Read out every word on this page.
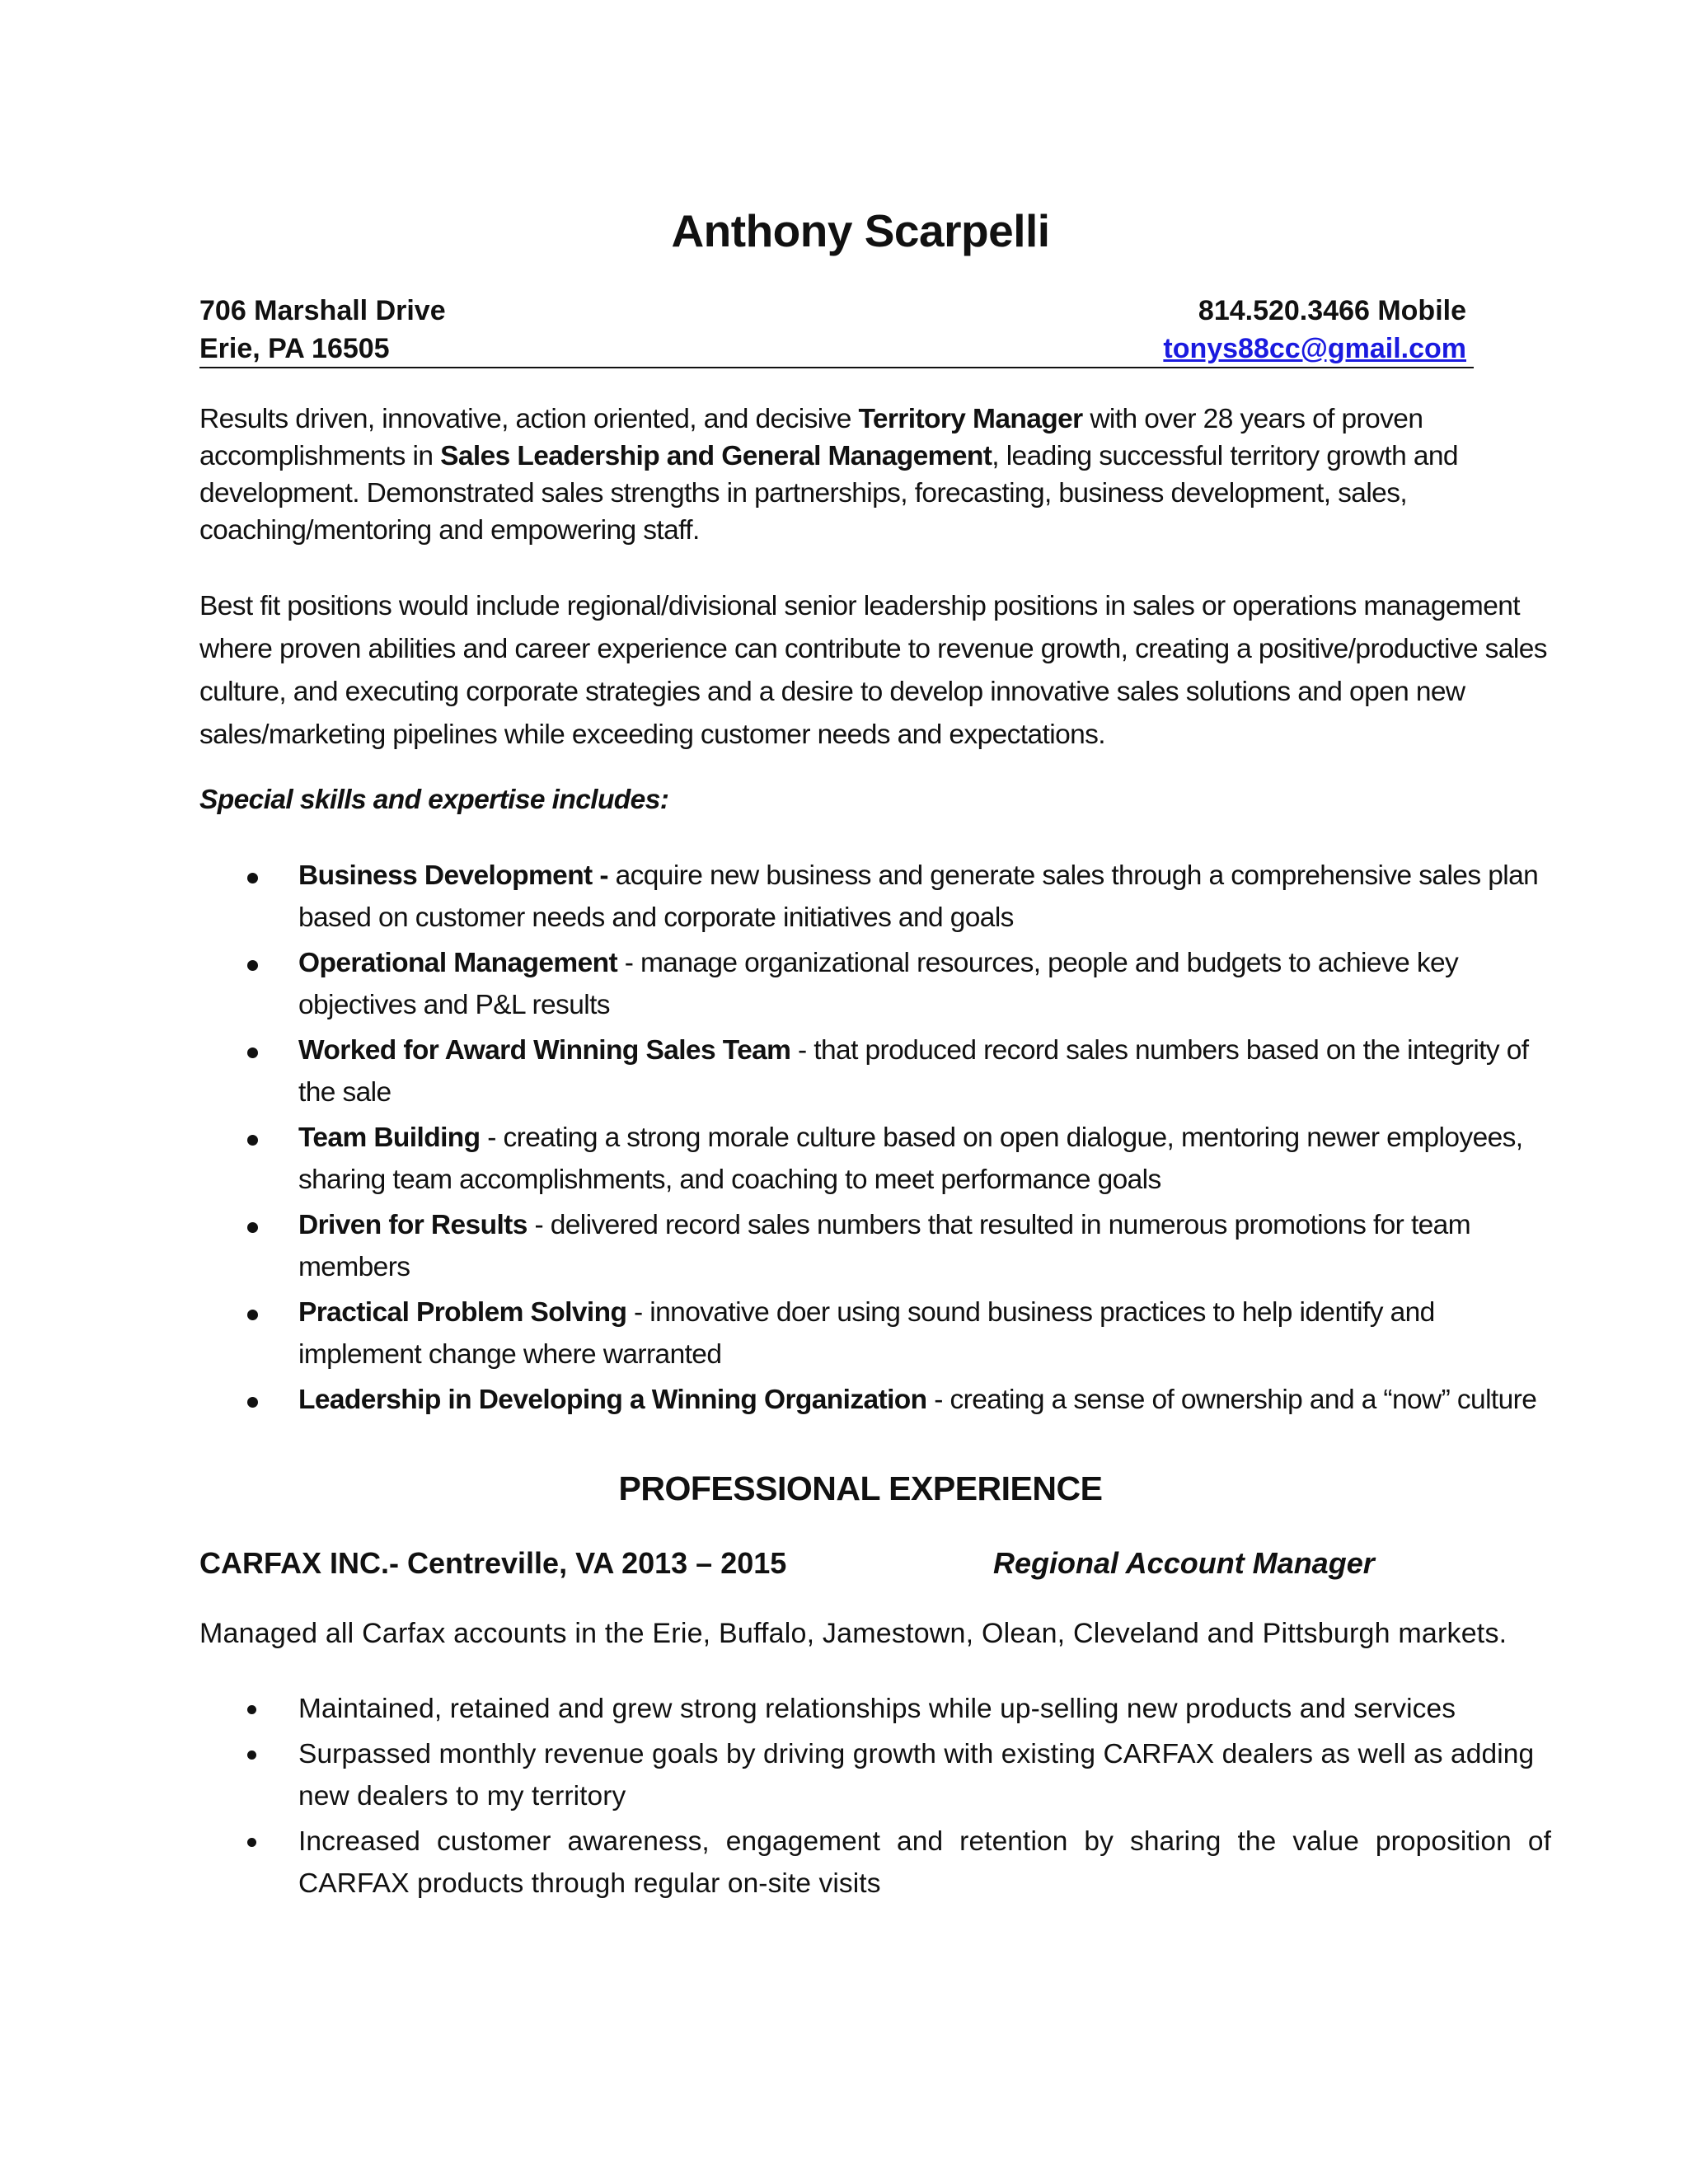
Anthony Scarpelli
706 Marshall Drive	814.520.3466 Mobile
Erie, PA 16505	tonys88cc@gmail.com
Results driven, innovative, action oriented, and decisive Territory Manager with over 28 years of proven accomplishments in Sales Leadership and General Management, leading successful territory growth and development. Demonstrated sales strengths in partnerships, forecasting, business development, sales, coaching/mentoring and empowering staff.
Best fit positions would include regional/divisional senior leadership positions in sales or operations management where proven abilities and career experience can contribute to revenue growth, creating a positive/productive sales culture, and executing corporate strategies and a desire to develop innovative sales solutions and open new sales/marketing pipelines while exceeding customer needs and expectations.
Special skills and expertise includes:
Business Development - acquire new business and generate sales through a comprehensive sales plan based on customer needs and corporate initiatives and goals
Operational Management - manage organizational resources, people and budgets to achieve key objectives and P&L results
Worked for Award Winning Sales Team - that produced record sales numbers based on the integrity of the sale
Team Building - creating a strong morale culture based on open dialogue, mentoring newer employees, sharing team accomplishments, and coaching to meet performance goals
Driven for Results - delivered record sales numbers that resulted in numerous promotions for team members
Practical Problem Solving - innovative doer using sound business practices to help identify and implement change where warranted
Leadership in Developing a Winning Organization - creating a sense of ownership and a “now” culture
PROFESSIONAL EXPERIENCE
CARFAX INC.- Centreville, VA 2013 – 2015	Regional Account Manager
Managed all Carfax accounts in the Erie, Buffalo, Jamestown, Olean, Cleveland and Pittsburgh markets.
Maintained, retained and grew strong relationships while up-selling new products and services
Surpassed monthly revenue goals by driving growth with existing CARFAX dealers as well as adding new dealers to my territory
Increased customer awareness, engagement and retention by sharing the value proposition of CARFAX products through regular on-site visits
